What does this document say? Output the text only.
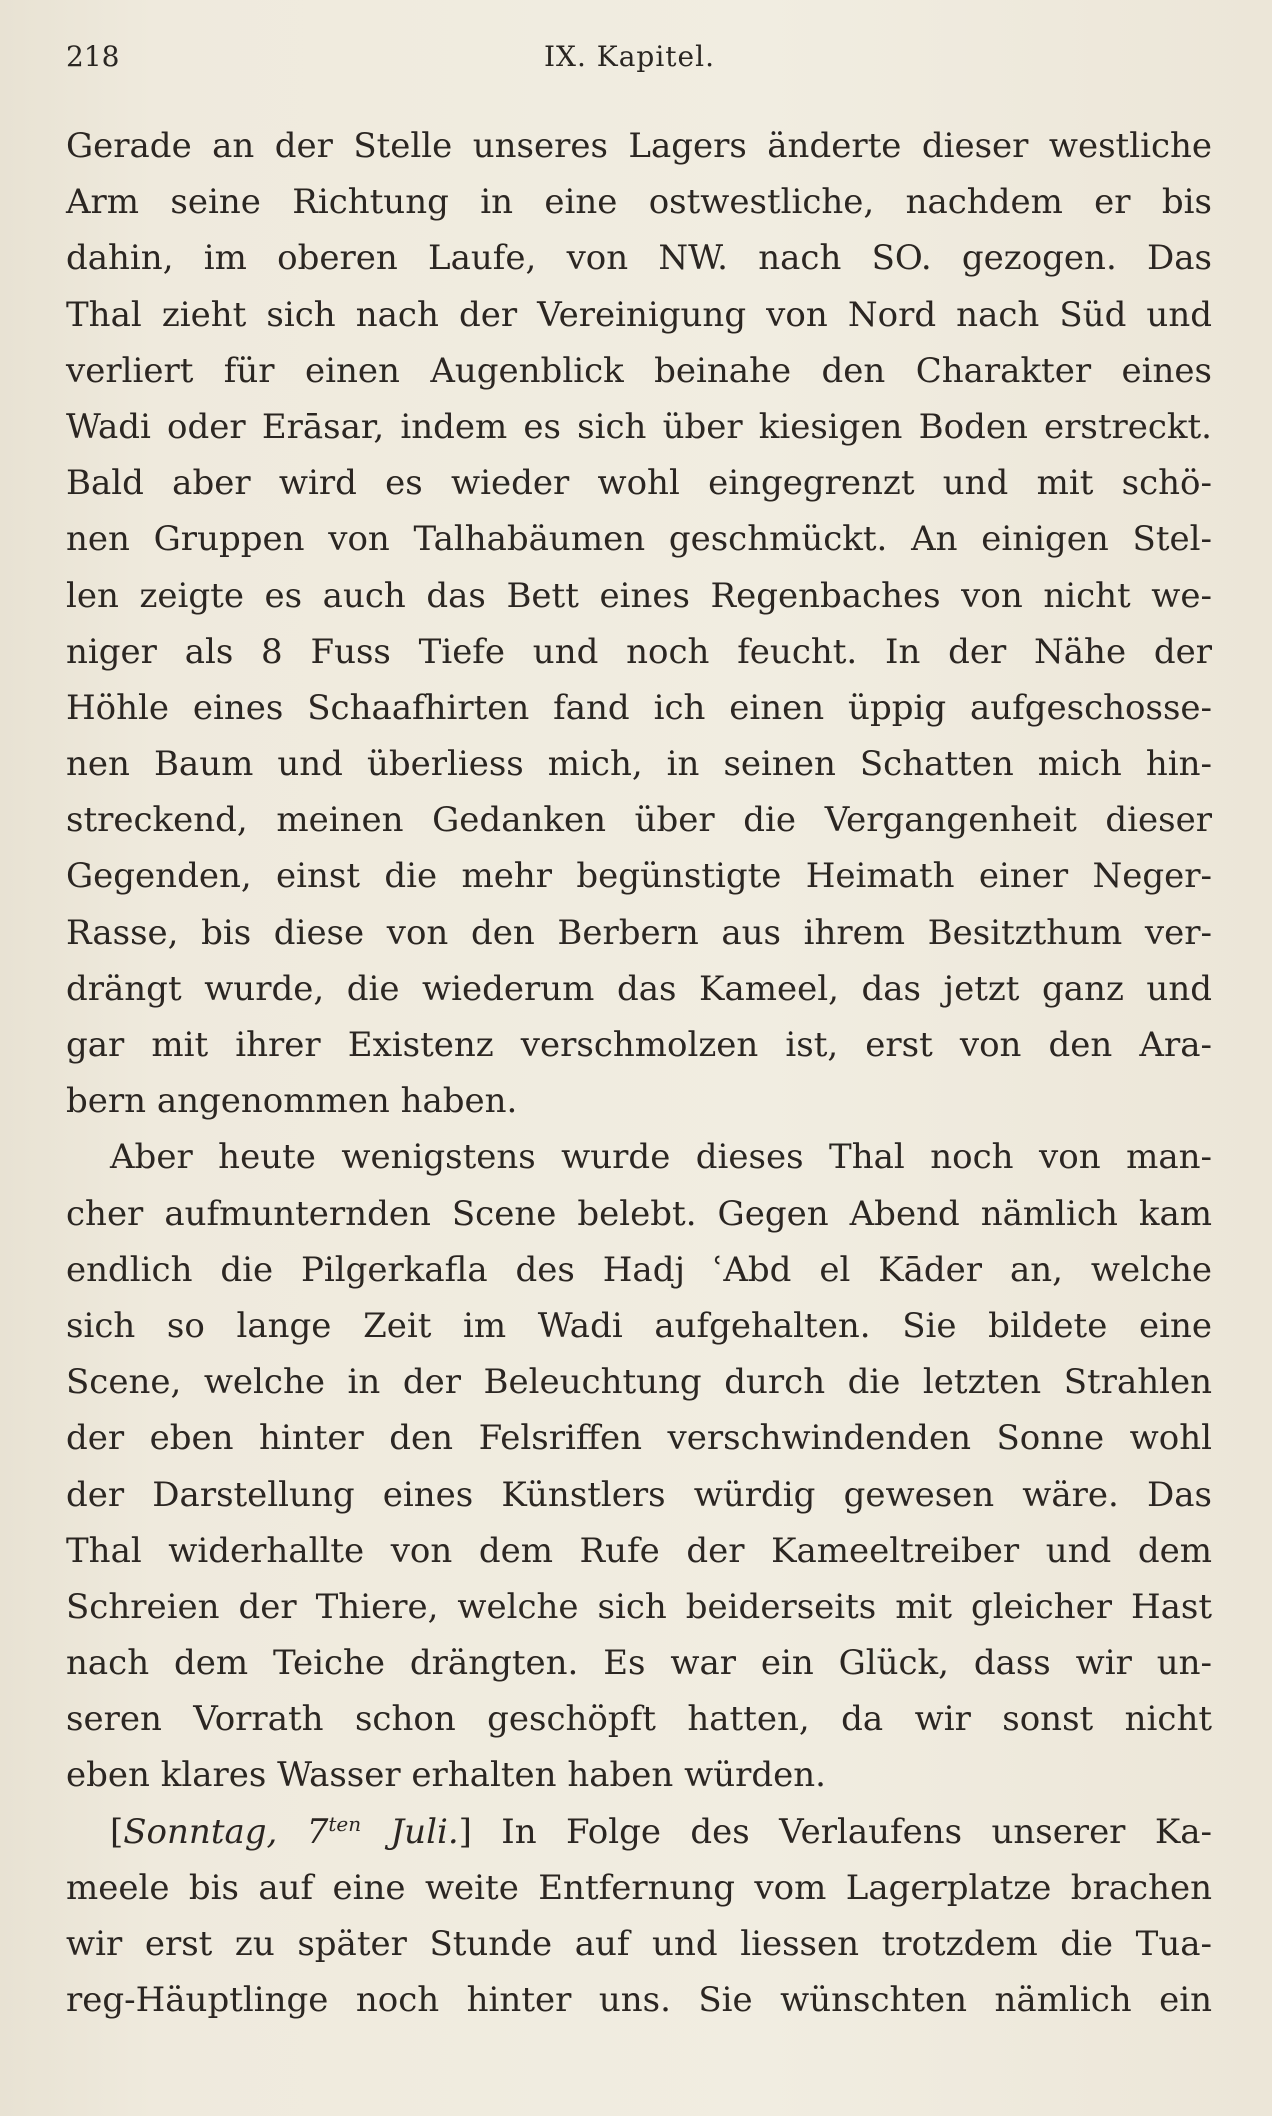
218	IX. Kapitel.
Gerade an der Stelle unseres Lagers änderte dieser westliche
Arm seine Richtung in eine ostwestliche, nachdem er bis
dahin, im oberen Laufe, von NW. nach SO. gezogen. Das
Thal zieht sich nach der Vereinigung von Nord nach Süd und
verliert für einen Augenblick beinahe den Charakter eines
Wadi oder Erāsar, indem es sich über kiesigen Boden erstreckt.
Bald aber wird es wieder wohl eingegrenzt und mit schö-
nen Gruppen von Talhabäumen geschmückt. An einigen Stel-
len zeigte es auch das Bett eines Regenbaches von nicht we-
niger als 8 Fuss Tiefe und noch feucht. In der Nähe der
Höhle eines Schaafhirten fand ich einen üppig aufgeschosse-
nen Baum und überliess mich, in seinen Schatten mich hin-
streckend, meinen Gedanken über die Vergangenheit dieser
Gegenden, einst die mehr begünstigte Heimath einer Neger-
Rasse, bis diese von den Berbern aus ihrem Besitzthum ver-
drängt wurde, die wiederum das Kameel, das jetzt ganz und
gar mit ihrer Existenz verschmolzen ist, erst von den Ara-
bern angenommen haben.
Aber heute wenigstens wurde dieses Thal noch von man-
cher aufmunternden Scene belebt. Gegen Abend nämlich kam
endlich die Pilgerkafla des Hadj ʿAbd el Kāder an, welche
sich so lange Zeit im Wadi aufgehalten. Sie bildete eine
Scene, welche in der Beleuchtung durch die letzten Strahlen
der eben hinter den Felsriffen verschwindenden Sonne wohl
der Darstellung eines Künstlers würdig gewesen wäre. Das
Thal widerhallte von dem Rufe der Kameeltreiber und dem
Schreien der Thiere, welche sich beiderseits mit gleicher Hast
nach dem Teiche drängten. Es war ein Glück, dass wir un-
seren Vorrath schon geschöpft hatten, da wir sonst nicht
eben klares Wasser erhalten haben würden.
[Sonntag, $7^{ten}$ Juli.] In Folge des Verlaufens unserer Ka-
meele bis auf eine weite Entfernung vom Lagerplatze brachen
wir erst zu später Stunde auf und liessen trotzdem die Tua-
reg-Häuptlinge noch hinter uns. Sie wünschten nämlich ein
